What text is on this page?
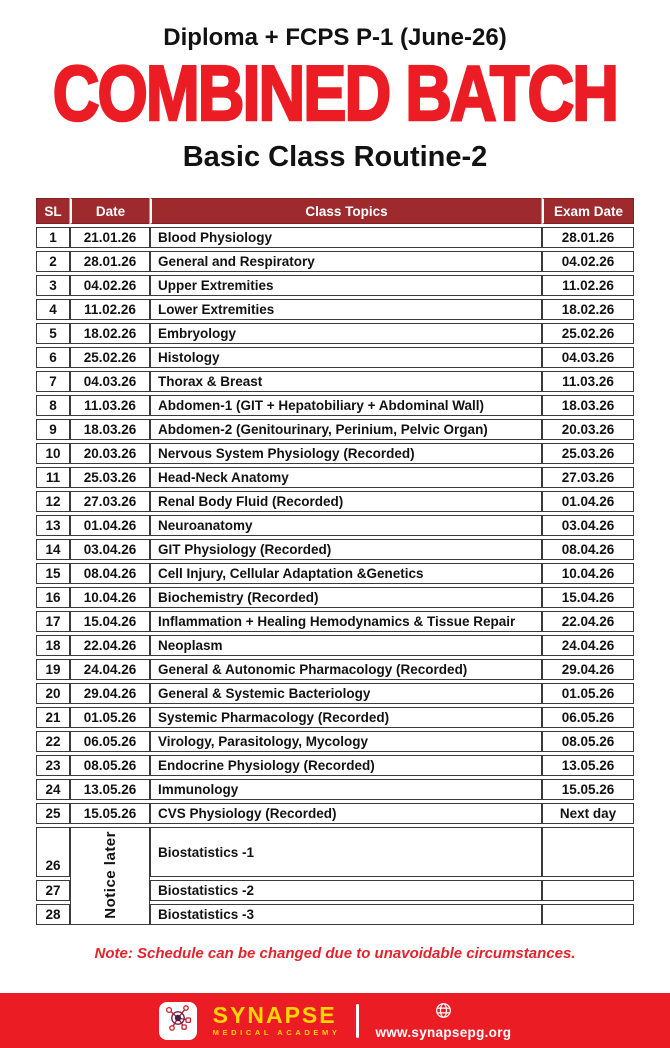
Diploma + FCPS P-1 (June-26)
COMBINED BATCH
Basic Class Routine-2
SL	Date	Class Topics	Exam Date
1	21.01.26	Blood Physiology	28.01.26
2	28.01.26	General and Respiratory	04.02.26
3	04.02.26	Upper Extremities	11.02.26
4	11.02.26	Lower Extremities	18.02.26
5	18.02.26	Embryology	25.02.26
6	25.02.26	Histology	04.03.26
7	04.03.26	Thorax & Breast	11.03.26
8	11.03.26	Abdomen-1 (GIT + Hepatobiliary + Abdominal Wall)	18.03.26
9	18.03.26	Abdomen-2 (Genitourinary, Perinium, Pelvic Organ)	20.03.26
10	20.03.26	Nervous System Physiology (Recorded)	25.03.26
11	25.03.26	Head-Neck Anatomy	27.03.26
12	27.03.26	Renal Body Fluid (Recorded)	01.04.26
13	01.04.26	Neuroanatomy	03.04.26
14	03.04.26	GIT Physiology (Recorded)	08.04.26
15	08.04.26	Cell Injury, Cellular Adaptation &Genetics	10.04.26
16	10.04.26	Biochemistry (Recorded)	15.04.26
17	15.04.26	Inflammation + Healing Hemodynamics & Tissue Repair	22.04.26
18	22.04.26	Neoplasm	24.04.26
19	24.04.26	General & Autonomic Pharmacology (Recorded)	29.04.26
20	29.04.26	General & Systemic Bacteriology	01.05.26
21	01.05.26	Systemic Pharmacology (Recorded)	06.05.26
22	06.05.26	Virology, Parasitology, Mycology	08.05.26
23	08.05.26	Endocrine Physiology (Recorded)	13.05.26
24	13.05.26	Immunology	15.05.26
25	15.05.26	CVS Physiology (Recorded)	Next day
26	Notice later	Biostatistics -1	
27		Biostatistics -2	
28		Biostatistics -3	
Note: Schedule can be changed due to unavoidable circumstances.
SYNAPSE
MEDICAL ACADEMY	www.synapsepg.org
